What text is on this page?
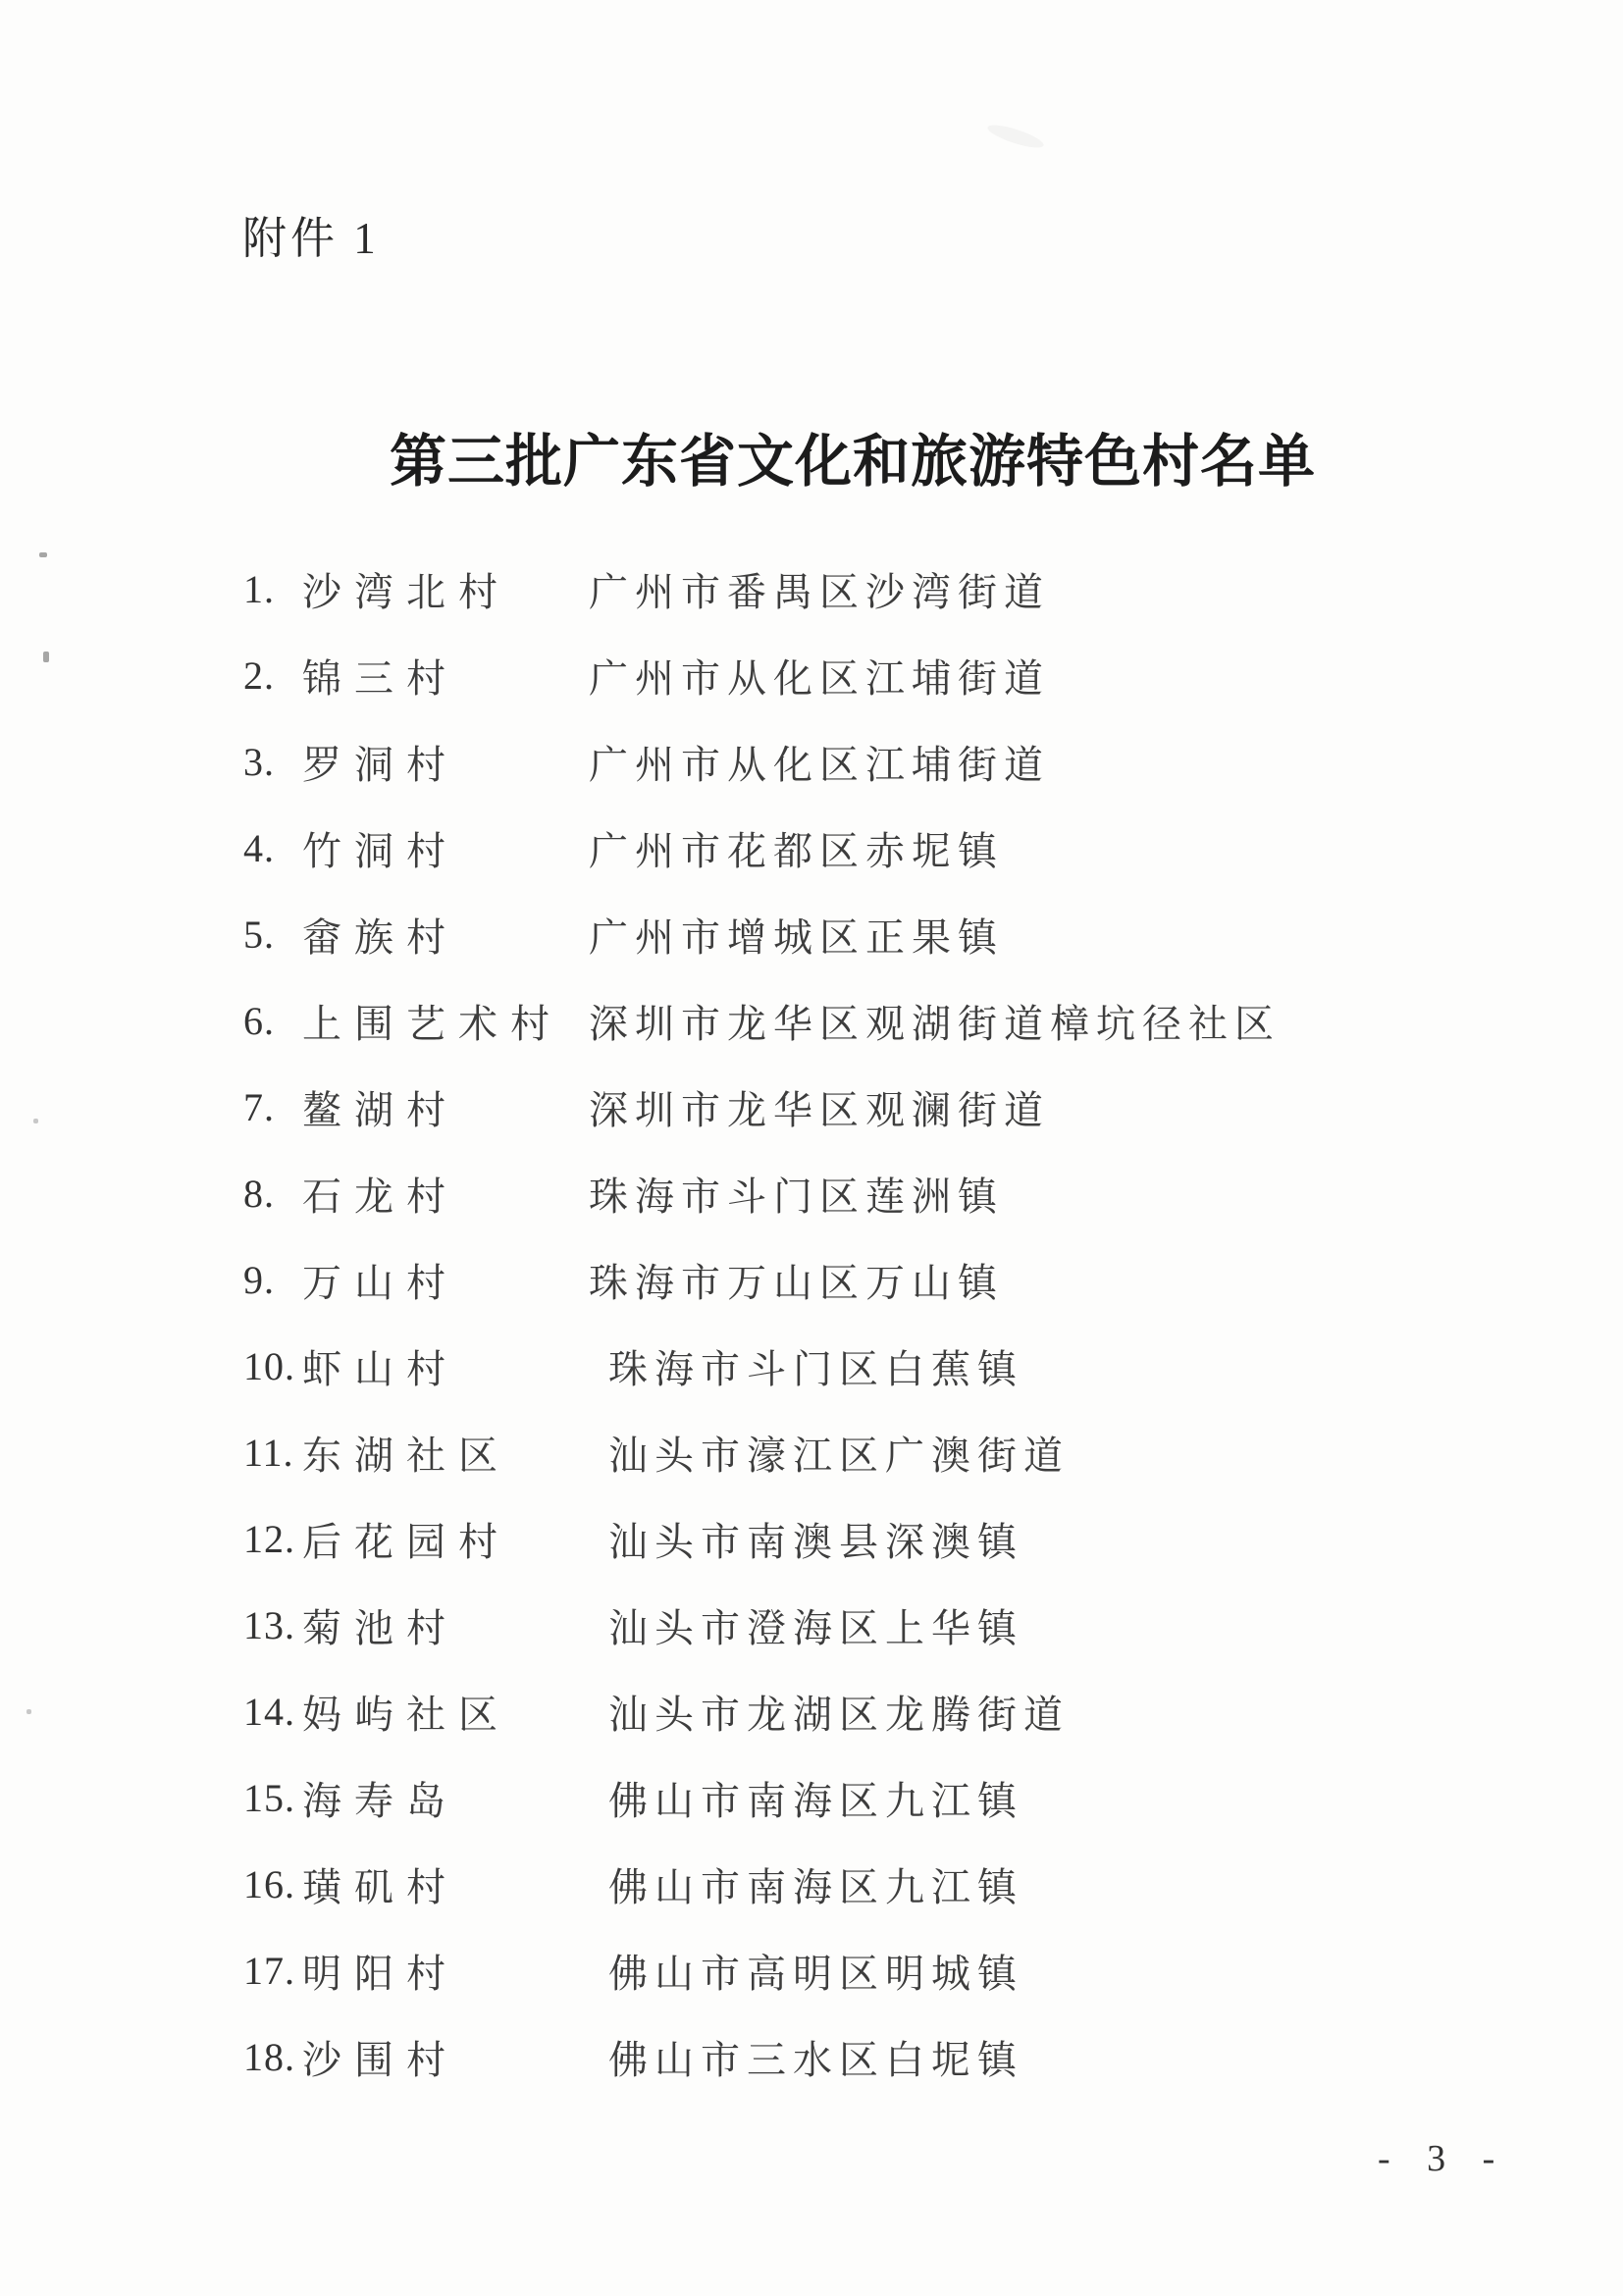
附件 1
第三批广东省文化和旅游特色村名单
1. 沙湾北村 广州市番禺区沙湾街道
2. 锦三村	广州市从化区江埔街道
3. 罗洞村	广州市从化区江埔街道
4. 竹洞村	广州市花都区赤坭镇
5. 畲族村	广州市增城区正果镇
6. 上围艺术村 深圳市龙华区观湖街道樟坑径社区
7. 鳌湖村	深圳市龙华区观澜街道
8. 石龙村	珠海市斗门区莲洲镇
9. 万山村	珠海市万山区万山镇
10. 虾山村	珠海市斗门区白蕉镇
11. 东湖社区	汕头市濠江区广澳街道
12. 后花园村	汕头市南澳县深澳镇
13. 菊池村	汕头市澄海区上华镇
14. 妈屿社区	汕头市龙湖区龙腾街道
15. 海寿岛	佛山市南海区九江镇
16. 璜矶村	佛山市南海区九江镇
17. 明阳村	佛山市高明区明城镇
18. 沙围村	佛山市三水区白坭镇
- 3 -
